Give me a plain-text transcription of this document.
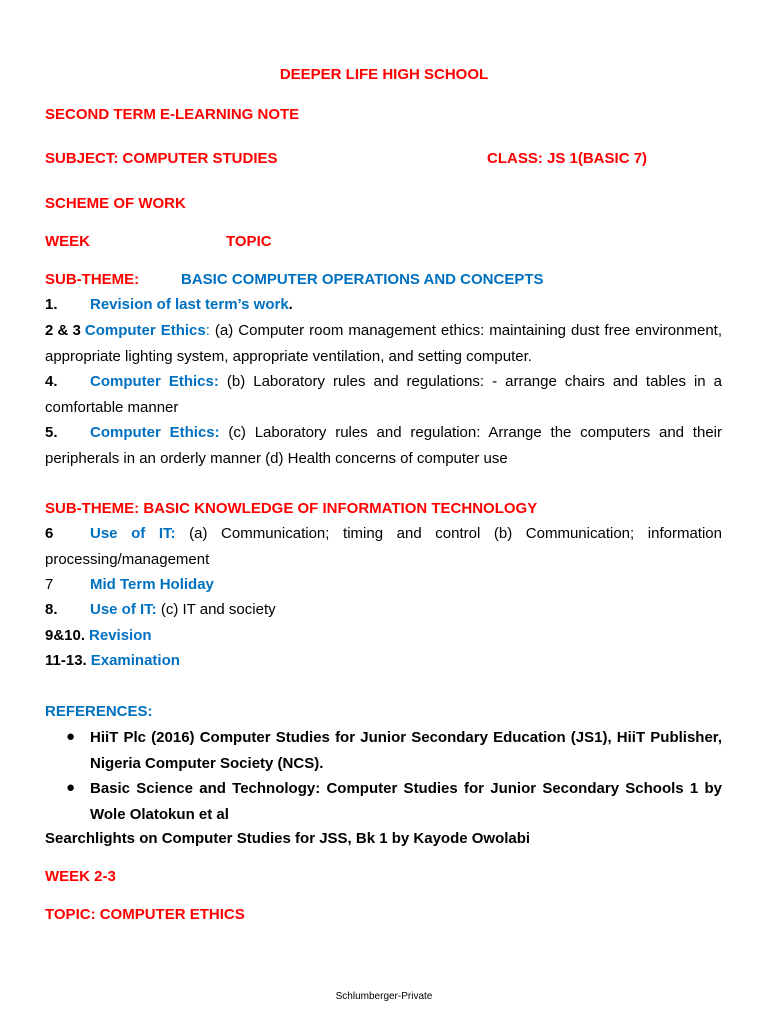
DEEPER LIFE HIGH SCHOOL
SECOND TERM E-LEARNING NOTE
SUBJECT: COMPUTER STUDIES	CLASS: JS 1(BASIC 7)
SCHEME OF WORK
WEEK	TOPIC
SUB-THEME:	BASIC COMPUTER OPERATIONS AND CONCEPTS
1. Revision of last term’s work.
2 & 3 Computer Ethics: (a) Computer room management ethics: maintaining dust free environment, appropriate lighting system, appropriate ventilation, and setting computer.
4. Computer Ethics: (b) Laboratory rules and regulations: - arrange chairs and tables in a comfortable manner
5. Computer Ethics: (c) Laboratory rules and regulation: Arrange the computers and their peripherals in an orderly manner (d) Health concerns of computer use
SUB-THEME: BASIC KNOWLEDGE OF INFORMATION TECHNOLOGY
6 Use of IT: (a) Communication; timing and control (b) Communication; information processing/management
7 Mid Term Holiday
8. Use of IT: (c) IT and society
9&10. Revision
11-13. Examination
REFERENCES:
● HiiT Plc (2016) Computer Studies for Junior Secondary Education (JS1), HiiT Publisher, Nigeria Computer Society (NCS).
● Basic Science and Technology: Computer Studies for Junior Secondary Schools 1 by Wole Olatokun et al
Searchlights on Computer Studies for JSS, Bk 1 by Kayode Owolabi
WEEK 2-3
TOPIC: COMPUTER ETHICS
Schlumberger-Private
